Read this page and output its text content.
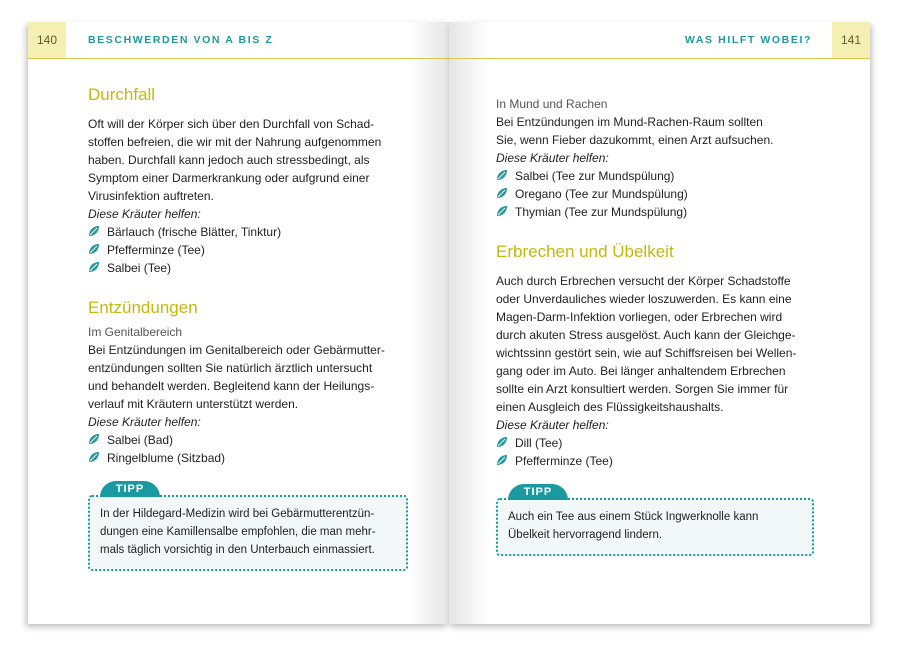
140	BESCHWERDEN VON A BIS Z
Durchfall

Oft will der Körper sich über den Durchfall von Schad-

stoffen befreien, die wir mit der Nahrung aufgenommen

haben. Durchfall kann jedoch auch stressbedingt, als

Symptom einer Darmerkrankung oder aufgrund einer

Virusinfektion auftreten.

Diese Kräuter helfen:

Bärlauch (frische Blätter, Tinktur)
Pfefferminze (Tee)
Salbei (Tee)
Entzündungen

Im Genitalbereich

Bei Entzündungen im Genitalbereich oder Gebärmutter-

entzündungen sollten Sie natürlich ärztlich untersucht

und behandelt werden. Begleitend kann der Heilungs-

verlauf mit Kräutern unterstützt werden.

Diese Kräuter helfen:

Salbei (Bad)
Ringelblume (Sitzbad)
TIPP

In der Hildegard-Medizin wird bei Gebärmutterentzün-

dungen eine Kamillensalbe empfohlen, die man mehr-

mals täglich vorsichtig in den Unterbauch einmassiert.

WAS HILFT WOBEI?	141

In Mund und Rachen

Bei Entzündungen im Mund-Rachen-Raum sollten

Sie, wenn Fieber dazukommt, einen Arzt aufsuchen.

Diese Kräuter helfen:

Salbei (Tee zur Mundspülung)
Oregano (Tee zur Mundspülung)
Thymian (Tee zur Mundspülung)
Erbrechen und Übelkeit

Auch durch Erbrechen versucht der Körper Schadstoffe

oder Unverdauliches wieder loszuwerden. Es kann eine

Magen-Darm-Infektion vorliegen, oder Erbrechen wird

durch akuten Stress ausgelöst. Auch kann der Gleichge-

wichtssinn gestört sein, wie auf Schiffsreisen bei Wellen-

gang oder im Auto. Bei länger anhaltendem Erbrechen

sollte ein Arzt konsultiert werden. Sorgen Sie immer für

einen Ausgleich des Flüssigkeitshaushalts.

Diese Kräuter helfen:

Dill (Tee)
Pfefferminze (Tee)
TIPP

Auch ein Tee aus einem Stück Ingwerknolle kann

Übelkeit hervorragend lindern.
